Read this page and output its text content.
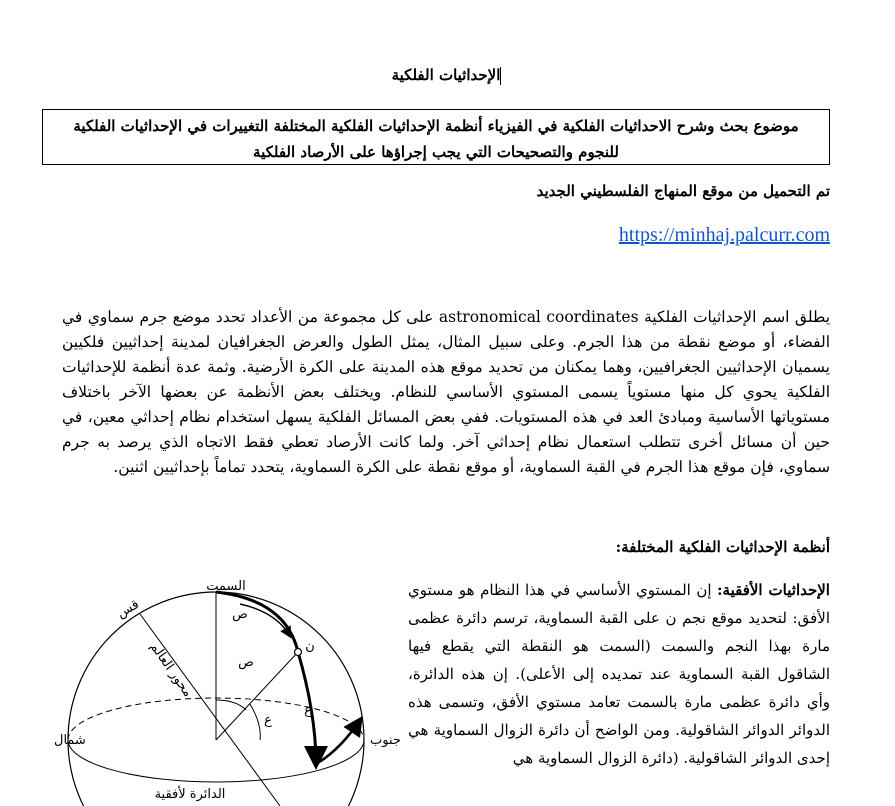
الإحداثيات الفلكية
موضوع بحث وشرح الاحداثيات الفلكية في الفيزياء أنظمة الإحداثيات الفلكية المختلفة التغييرات في الإحداثيات الفلكية للنجوم والتصحيحات التي يجب إجراؤها على الأرصاد الفلكية
تم التحميل من موقع المنهاج الفلسطيني الجديد
https://minhaj.palcurr.com
يطلق اسم الإحداثيات الفلكية astronomical coordinates على كل مجموعة من الأعداد تحدد موضع جرم سماوي في الفضاء، أو موضع نقطة من هذا الجرم. وعلى سبيل المثال، يمثل الطول والعرض الجغرافيان لمدينة إحداثيين فلكيين يسميان الإحداثيين الجغرافيين، وهما يمكنان من تحديد موقع هذه المدينة على الكرة الأرضية. وثمة عدة أنظمة للإحداثيات الفلكية يحوي كل منها مستوياً يسمى المستوي الأساسي للنظام. ويختلف بعض الأنظمة عن بعضها الآخر باختلاف مستوياتها الأساسية ومبادئ العد في هذه المستويات. ففي بعض المسائل الفلكية يسهل استخدام نظام إحداثي معين، في حين أن مسائل أخرى تتطلب استعمال نظام إحداثي آخر. ولما كانت الأرصاد تعطي فقط الاتجاه الذي يرصد به جرم سماوي، فإن موقع هذا الجرم في القبة السماوية، أو موقع نقطة على الكرة السماوية، يتحدد تماماً بإحداثيين اثنين.
أنظمة الإحداثيات الفلكية المختلفة:
الإحداثيات الأفقية: إن المستوي الأساسي في هذا النظام هو مستوي الأفق: لتحديد موقع نجم ن على القبة السماوية، ترسم دائرة عظمى مارة بهذا النجم والسمت (السمت هو النقطة التي يقطع فيها الشاقول القبة السماوية عند تمديده إلى الأعلى). إن هذه الدائرة، وأي دائرة عظمى مارة بالسمت تعامد مستوي الأفق، وتسمى هذه الدوائر الدوائر الشاقولية. ومن الواضح أن دائرة الزوال السماوية هي إحدى الدوائر الشاقولية. (دائرة الزوال السماوية هي
السمت
شمال	جنوب
قس
محور العالم
الدائرة لأفقية
ص
ص
ن
ع
ع
